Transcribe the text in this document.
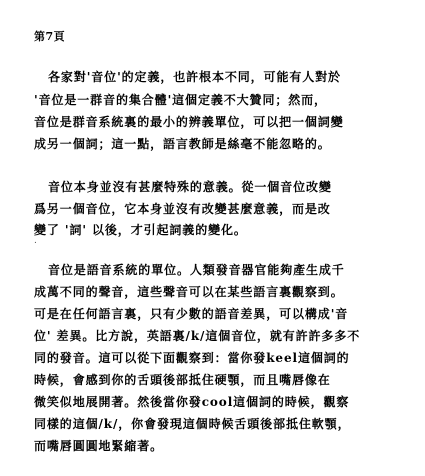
第7頁
各家對'音位'的定義，也許根本不同，可能有人對於
'音位是一群音的集合體'這個定義不大贊同；然而，
音位是群音系統裏的最小的辨義單位，可以把一個詞變
成另一個詞；這一點，語言教師是絲毫不能忽略的。
音位本身並沒有甚麼特殊的意義。從一個音位改變
爲另一個音位，它本身並沒有改變甚麼意義，而是改
變了 '詞' 以後，才引起詞義的變化。
.
音位是語音系統的單位。人類發音器官能夠產生成千
成萬不同的聲音，這些聲音可以在某些語言裏觀察到。
可是在任何語言裏，只有少數的語音差異，可以構成'音
位' 差異。比方說，英語裏/k/這個音位，就有許許多多不
同的發音。這可以從下面觀察到：當你發keel這個詞的
時候，會感到你的舌頭後部抵住硬顎，而且嘴唇像在
微笑似地展開著。然後當你發cool這個詞的時候，觀察
同樣的這個/k/，你會發現這個時候舌頭後部抵住軟顎，
而嘴唇圓圓地緊縮著。
